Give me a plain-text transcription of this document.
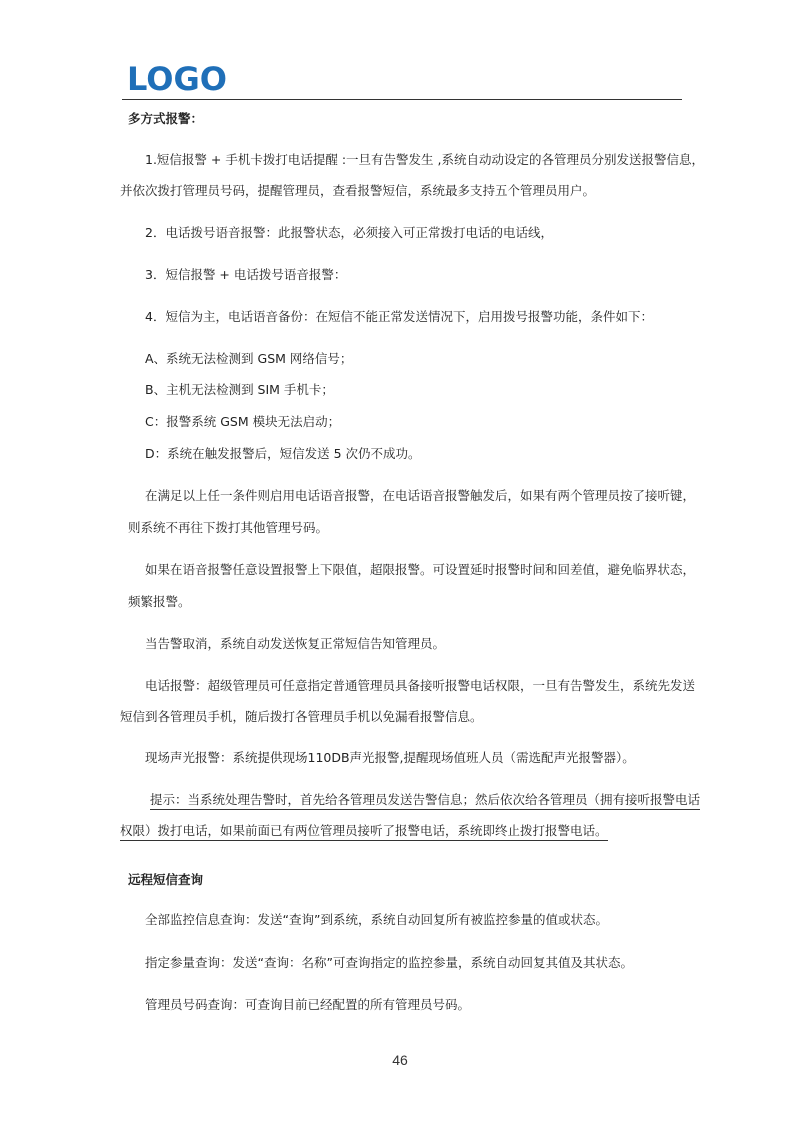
LOGO
多方式报警：
1.短信报警 + 手机卡拨打电话提醒 :一旦有告警发生 ,系统自动动设定的各管理员分别发送报警信息，
并依次拨打管理员号码，提醒管理员，查看报警短信，系统最多支持五个管理员用户。
2．电话拨号语音报警：此报警状态，必须接入可正常拨打电话的电话线，
3．短信报警 + 电话拨号语音报警：
4．短信为主，电话语音备份：在短信不能正常发送情况下，启用拨号报警功能，条件如下：
A、系统无法检测到 GSM 网络信号；
B、主机无法检测到 SIM 手机卡；
C：报警系统 GSM 模块无法启动；
D：系统在触发报警后，短信发送 5 次仍不成功。
在满足以上任一条件则启用电话语音报警，在电话语音报警触发后，如果有两个管理员按了接听键，
则系统不再往下拨打其他管理号码。
如果在语音报警任意设置报警上下限值，超限报警。可设置延时报警时间和回差值，避免临界状态，
频繁报警。
当告警取消，系统自动发送恢复正常短信告知管理员。
电话报警：超级管理员可任意指定普通管理员具备接听报警电话权限，一旦有告警发生，系统先发送
短信到各管理员手机，随后拨打各管理员手机以免漏看报警信息。
现场声光报警：系统提供现场110DB声光报警,提醒现场值班人员（需选配声光报警器）。
提示：当系统处理告警时，首先给各管理员发送告警信息；然后依次给各管理员（拥有接听报警电话
权限）拨打电话，如果前面已有两位管理员接听了报警电话，系统即终止拨打报警电话。
远程短信查询
全部监控信息查询：发送“查询”到系统，系统自动回复所有被监控参量的值或状态。
指定参量查询：发送“查询：名称”可查询指定的监控参量，系统自动回复其值及其状态。
管理员号码查询：可查询目前已经配置的所有管理员号码。
46
